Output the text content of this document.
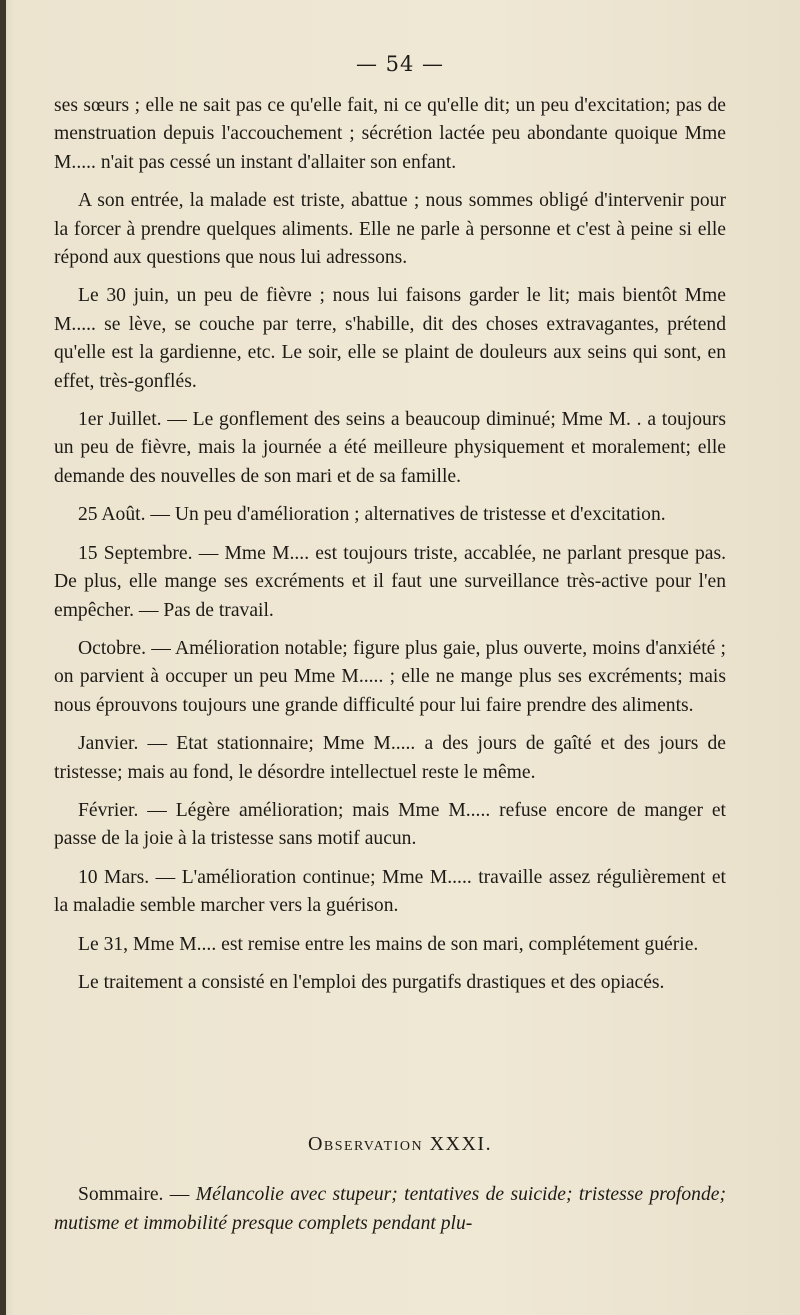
— 54 —

ses sœurs ; elle ne sait pas ce qu'elle fait, ni ce qu'elle dit; un peu d'excitation; pas de menstruation depuis l'accouchement ; sécrétion lactée peu abondante quoique Mme M..... n'ait pas cessé un instant d'allaiter son enfant.

A son entrée, la malade est triste, abattue ; nous sommes obligé d'intervenir pour la forcer à prendre quelques aliments. Elle ne parle à personne et c'est à peine si elle répond aux questions que nous lui adressons.

Le 30 juin, un peu de fièvre ; nous lui faisons garder le lit; mais bientôt Mme M..... se lève, se couche par terre, s'habille, dit des choses extravagantes, prétend qu'elle est la gardienne, etc. Le soir, elle se plaint de douleurs aux seins qui sont, en effet, très-gonflés.

1er Juillet. — Le gonflement des seins a beaucoup diminué; Mme M. . a toujours un peu de fièvre, mais la journée a été meilleure physiquement et moralement; elle demande des nouvelles de son mari et de sa famille.

25 Août. — Un peu d'amélioration ; alternatives de tristesse et d'excitation.

15 Septembre. — Mme M.... est toujours triste, accablée, ne parlant presque pas. De plus, elle mange ses excréments et il faut une surveillance très-active pour l'en empêcher. — Pas de travail.

Octobre. — Amélioration notable; figure plus gaie, plus ouverte, moins d'anxiété ; on parvient à occuper un peu Mme M..... ; elle ne mange plus ses excréments; mais nous éprouvons toujours une grande difficulté pour lui faire prendre des aliments.

Janvier. — Etat stationnaire; Mme M..... a des jours de gaîté et des jours de tristesse; mais au fond, le désordre intellectuel reste le même.

Février. — Légère amélioration; mais Mme M..... refuse encore de manger et passe de la joie à la tristesse sans motif aucun.

10 Mars. — L'amélioration continue; Mme M..... travaille assez régulièrement et la maladie semble marcher vers la guérison.

Le 31, Mme M.... est remise entre les mains de son mari, complétement guérie.

Le traitement a consisté en l'emploi des purgatifs drastiques et des opiacés.

Observation XXXI.
Sommaire. — Mélancolie avec stupeur; tentatives de suicide; tristesse profonde; mutisme et immobilité presque complets pendant plu-
